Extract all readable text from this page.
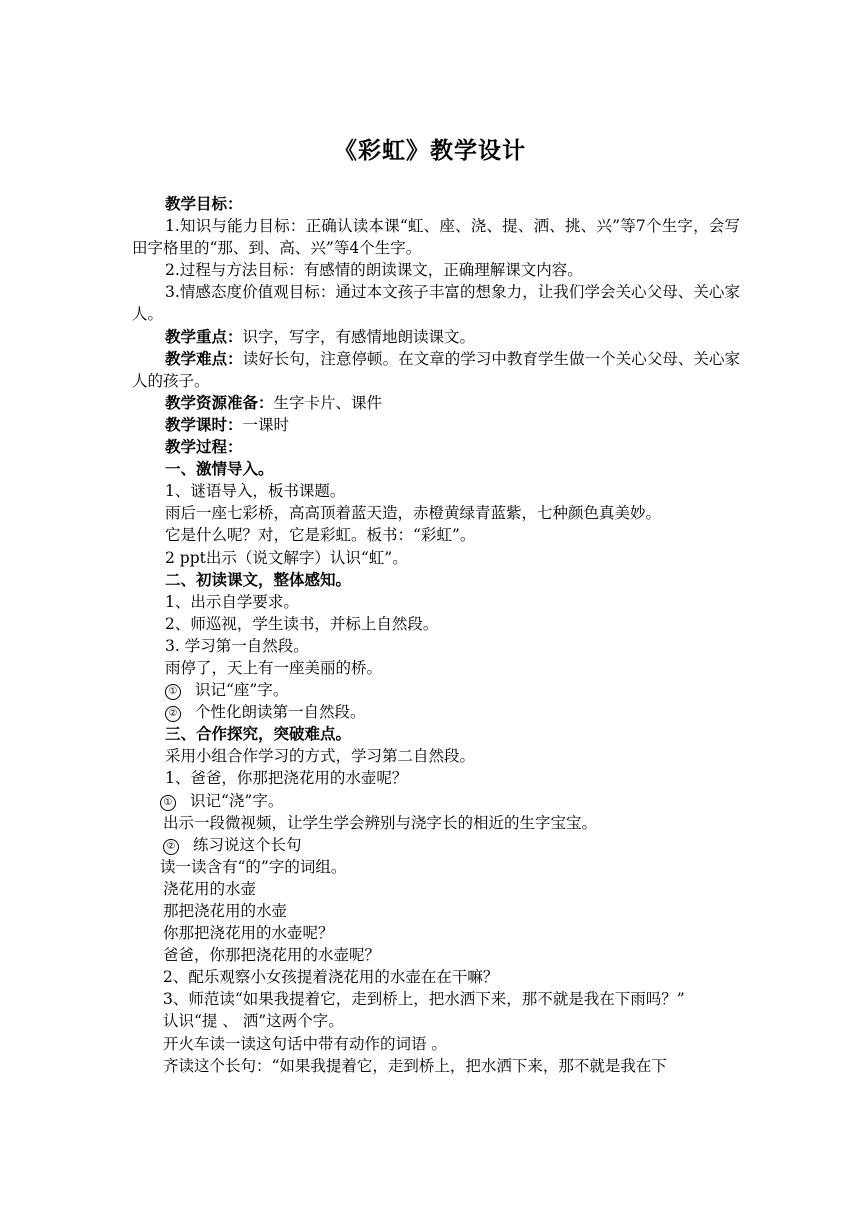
《彩虹》教学设计

教学目标：

1.知识与能力目标：正确认读本课“虹、座、浇、提、洒、挑、兴”等7个生字，会写田字格里的“那、到、高、兴”等4个生字。

2.过程与方法目标：有感情的朗读课文，正确理解课文内容。

3.情感态度价值观目标：通过本文孩子丰富的想象力，让我们学会关心父母、关心家人。

教学重点：识字，写字，有感情地朗读课文。

教学难点：读好长句，注意停顿。在文章的学习中教育学生做一个关心父母、关心家人的孩子。

教学资源准备：生字卡片、课件

教学课时：一课时

教学过程：

一、激情导入。

1、谜语导入，板书课题。

雨后一座七彩桥，高高顶着蓝天造，赤橙黄绿青蓝紫，七种颜色真美妙。

它是什么呢？对，它是彩虹。板书：“彩虹”。

2 ppt出示（说文解字）认识“虹”。

二、初读课文，整体感知。

1、出示自学要求。

2、师巡视，学生读书，并标上自然段。

3. 学习第一自然段。

雨停了，天上有一座美丽的桥。

① 识记“座”字。

② 个性化朗读第一自然段。

三、合作探究，突破难点。

采用小组合作学习的方式，学习第二自然段。

1、爸爸，你那把浇花用的水壶呢？

① 识记“浇”字。

出示一段微视频，让学生学会辨别与浇字长的相近的生字宝宝。

② 练习说这个长句

读一读含有“的”字的词组。

浇花用的水壶

那把浇花用的水壶

你那把浇花用的水壶呢？

爸爸，你那把浇花用的水壶呢？

2、配乐观察小女孩提着浇花用的水壶在在干嘛？

3、师范读“如果我提着它，走到桥上，把水洒下来，那不就是我在下雨吗？”

认识“提 、 洒”这两个字。

开火车读一读这句话中带有动作的词语 。

齐读这个长句：“如果我提着它，走到桥上，把水洒下来，那不就是我在下
